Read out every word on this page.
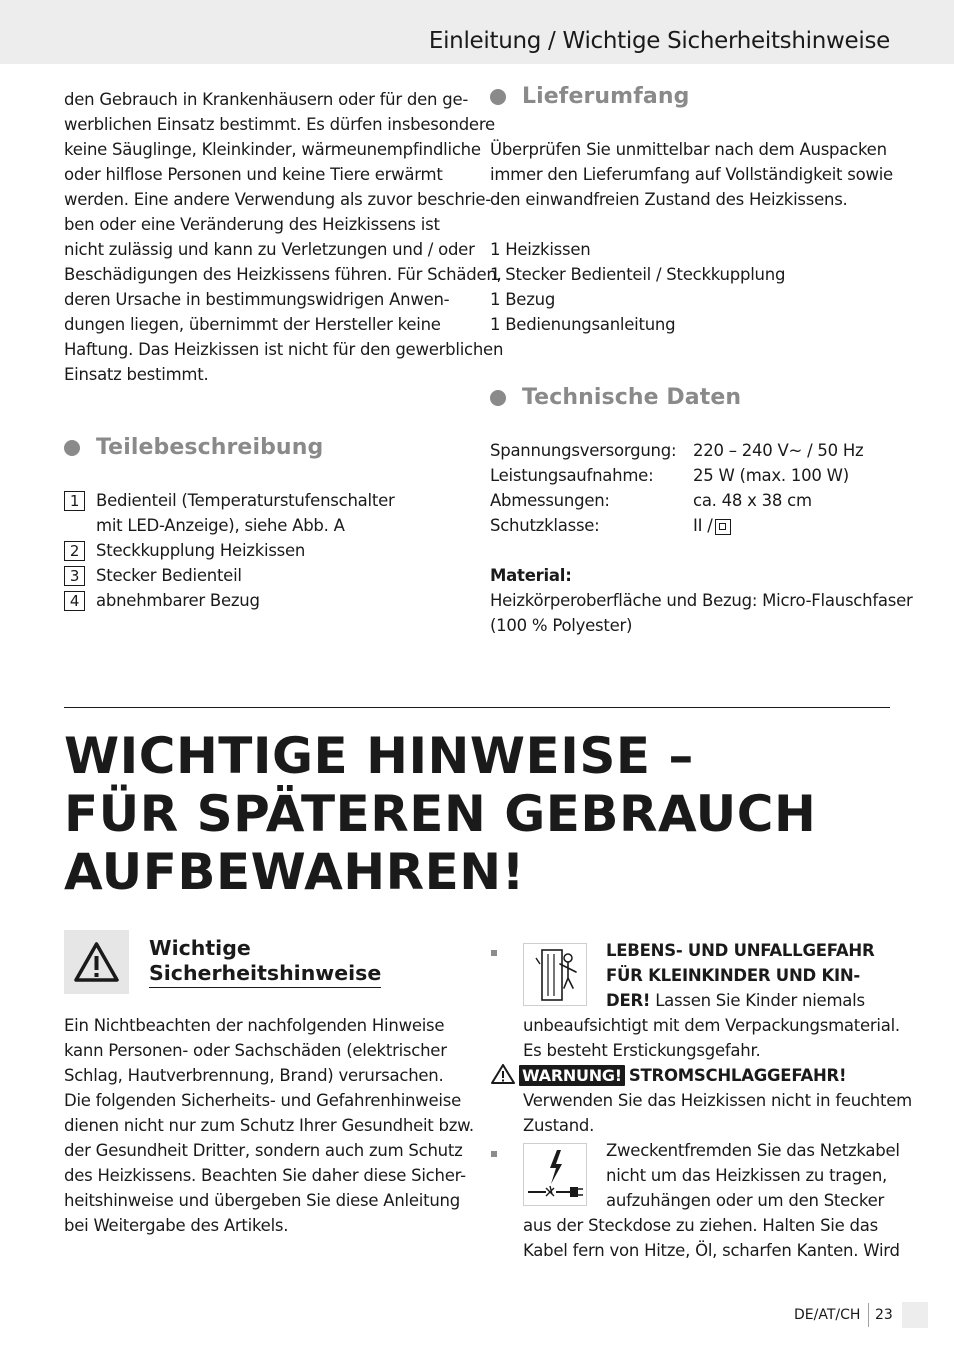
Einleitung / Wichtige Sicherheitshinweise
den Gebrauch in Krankenhäusern oder für den ge-
werblichen Einsatz bestimmt. Es dürfen insbesondere
keine Säuglinge, Kleinkinder, wärmeunempfindliche
oder hilflose Personen und keine Tiere erwärmt
werden. Eine andere Verwendung als zuvor beschrie-
ben oder eine Veränderung des Heizkissens ist
nicht zulässig und kann zu Verletzungen und / oder
Beschädigungen des Heizkissens führen. Für Schäden,
deren Ursache in bestimmungswidrigen Anwen-
dungen liegen, übernimmt der Hersteller keine
Haftung. Das Heizkissen ist nicht für den gewerblichen
Einsatz bestimmt.
Teilebeschreibung
1	Bedienteil (Temperaturstufenschalter
mit LED-Anzeige), siehe Abb. A
2	Steckkupplung Heizkissen
3	Stecker Bedienteil
4	abnehmbarer Bezug
Lieferumfang
Überprüfen Sie unmittelbar nach dem Auspacken
immer den Lieferumfang auf Vollständigkeit sowie
den einwandfreien Zustand des Heizkissens.
1 Heizkissen
1 Stecker Bedienteil / Steckkupplung
1 Bezug
1 Bedienungsanleitung
Technische Daten
Spannungsversorgung:	220 – 240 V~ / 50 Hz
Leistungsaufnahme:	25 W (max. 100 W)
Abmessungen:	ca. 48 x 38 cm
Schutzklasse:	II /
Material:
Heizkörperoberfläche und Bezug: Micro-Flauschfaser
(100 % Polyester)
WICHTIGE HINWEISE –
FÜR SPÄTEREN GEBRAUCH
AUFBEWAHREN!
Wichtige
Sicherheitshinweise
Ein Nichtbeachten der nachfolgenden Hinweise
kann Personen- oder Sachschäden (elektrischer
Schlag, Hautverbrennung, Brand) verursachen.
Die folgenden Sicherheits- und Gefahrenhinweise
dienen nicht nur zum Schutz Ihrer Gesundheit bzw.
der Gesundheit Dritter, sondern auch zum Schutz
des Heizkissens. Beachten Sie daher diese Sicher-
heitshinweise und übergeben Sie diese Anleitung
bei Weitergabe des Artikels.
LEBENS- UND UNFALLGEFAHR
FÜR KLEINKINDER UND KIN-
DER! Lassen Sie Kinder niemals
unbeaufsichtigt mit dem Verpackungsmaterial.
Es besteht Erstickungsgefahr.
WARNUNG! STROMSCHLAGGEFAHR!
Verwenden Sie das Heizkissen nicht in feuchtem
Zustand.
Zweckentfremden Sie das Netzkabel
nicht um das Heizkissen zu tragen,
aufzuhängen oder um den Stecker
aus der Steckdose zu ziehen. Halten Sie das
Kabel fern von Hitze, Öl, scharfen Kanten. Wird
DE/AT/CH 23
